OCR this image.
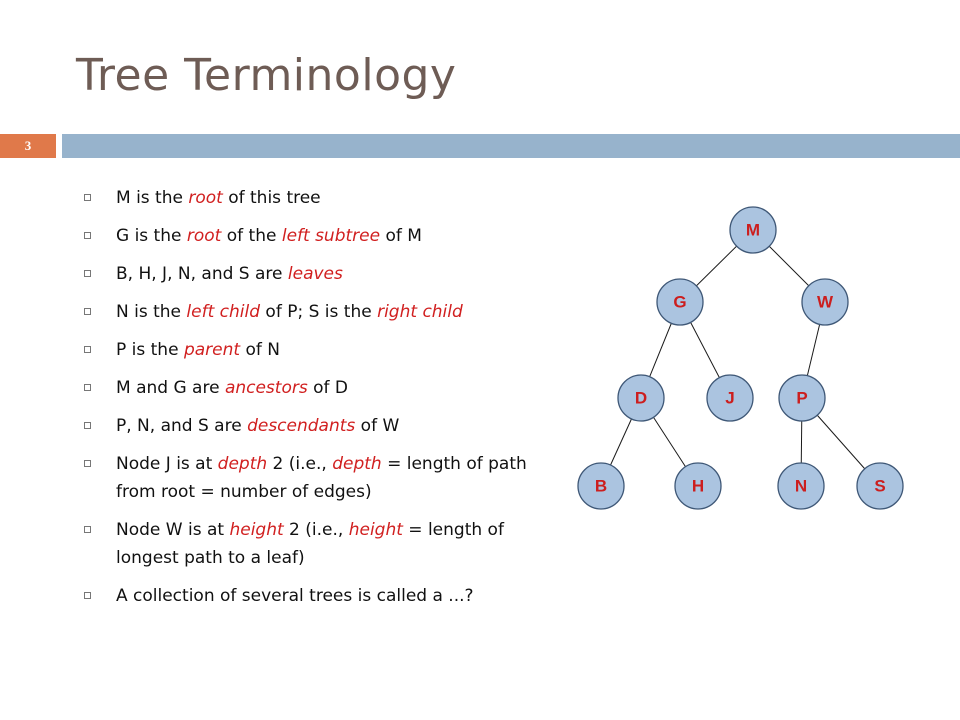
Tree Terminology
3
M is the root of this tree
G is the root of the left subtree of M
B, H, J, N, and S are leaves
N is the left child of P; S is the right child
P is the parent of N
M and G are ancestors of D
P, N, and S are descendants of W
Node J is at depth 2 (i.e., depth = length of path from root = number of edges)
Node W is at height 2 (i.e., height = length of longest path to a leaf)
A collection of several trees is called a ...?
M
G	W
D	J	P
B	H	N	S
